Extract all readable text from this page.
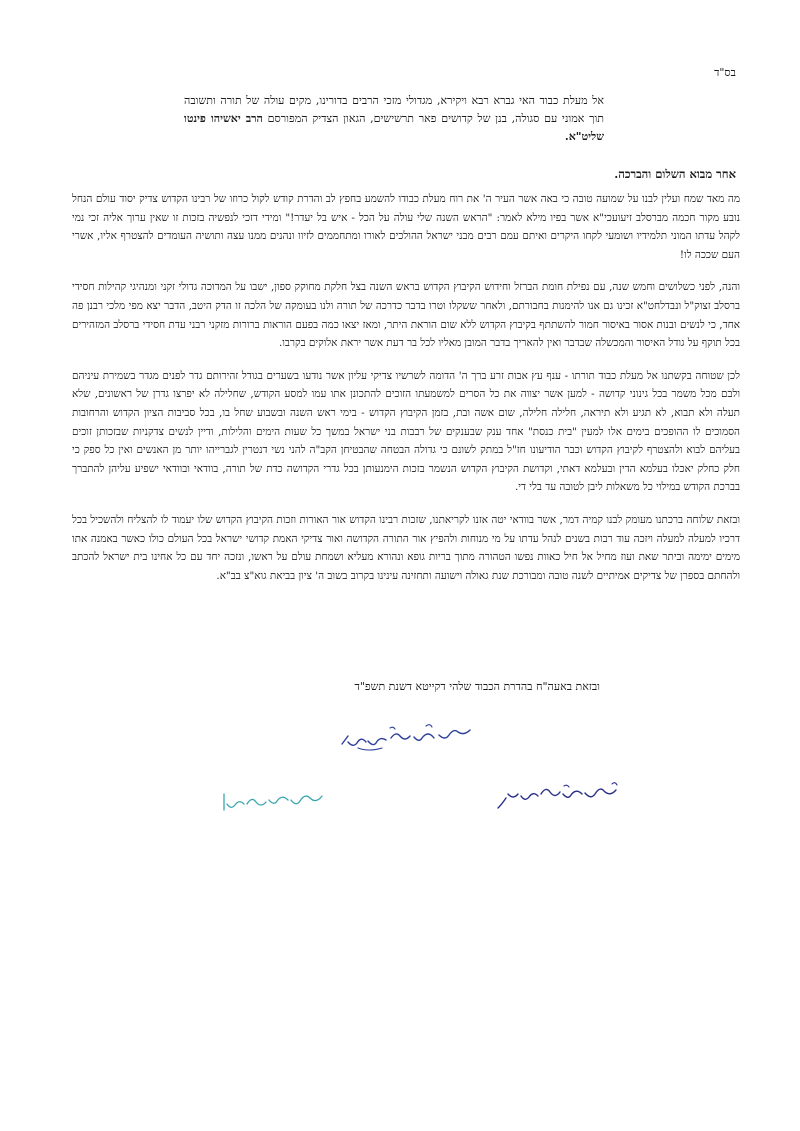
בס"ד
אל מעלת כבוד האי גברא רבא ויקירא, מגדולי מזכי הרבים בדורינו, מקים עולה של תורה ותשובה תוך אמוני עם סגולה, בנן של קדושים פאר תרשישים, הגאון הצדיק המפורסם הרב יאשיהו פינטו שליט"א.
אחר מבוא השלום והברכה.

מה מאד שמח ועלין לבנו על שמועה טובה כי באה אשר העיר ה' את רוח מעלת כבודו להשמע בחפץ לב והדרת קודש לקול כרוזו של רבינו הקדוש צדיק יסוד עולם הנחל נובע מקור חכמה מברסלב זיעועכי"א אשר בפיו מילא לאמר: "הראש השנה שלי עולה על הכל - איש בל יעדר!" ומידי דזכי לנפשיה בזכות זו שאין ערוך אליה זכי נמי לקהל עדתו המוני תלמידיו ושומעי לקחו היקרים ואיתם עמם רבים מבני ישראל ההולכים לאורו ומתחממים לזיוו ונהנים ממנו עצה ותושיה העומדים להצטרף אליו, אשרי העם שככה לו!

והנה, לפני כשלושים וחמש שנה, עם נפילת חומת הברזל וחידוש הקיבוץ הקדוש בראש השנה בצל חלקת מחוקק ספון, ישבו על המדוכה גדולי זקני ומנהיגי קהילות חסידי ברסלב זצוק"ל ונבדלחט"א זכינו גם אנו להימנות בחבורתם, ולאחר ששקלו וטרו בדבר כדרכה של תורה ולנו בעומקה של הלכה זו הדק היטב, הדבר יצא מפי מלכי רבנן פה אחד, כי לנשים ובנות אסור באיסור חמור להשתתף בקיבוץ הקדוש ללא שום הוראת היתר, ומאז יצאו כמה בפעם הוראות ברורות מזקני רבני עדת חסידי ברסלב המזהירים בכל תוקף על גודל האיסור והמכשלה שבדבר ואין להאריך בדבר המובן מאליו לכל בר דעת אשר יראת אלוקים בקרבו.

לכן שטוחה בקשתנו אל מעלת כבוד תורתו - ענף עץ אבות זרע ברך ה' הדומה לשרשיו צדיקי עליון אשר נודעו בשערים בגודל זהירותם גדר לפנים מגדר בשמירת עיניהם ולבם מכל משמר בכל גינוני קדושה - למען אשר יצווה את כל הסרים למשמעתו הזוכים להתכונן אתו עמו למסע הקודש, שחלילה לא יפרצו גדרן של ראשונים, שלא תעלה ולא תבוא, לא תגיע ולא תיראה, חלילה חלילה, שום אשה ובת, בזמן הקיבוץ הקדוש - בימי ראש השנה ובשבוע שחל בו, בכל סביבות הציון הקדוש והרחובות הסמוכים לו ההופכים בימים אלו למעין "בית כנסת" אחד ענק שבענקים של רבבות בני ישראל במשך כל שעות הימים והלילות, ודיין לנשים צדקניות שבזכותן זוכים בעליהם לבוא ולהצטרף לקיבוץ הקדוש וכבר הודיעונו חז"ל במתק לשונם כי גדולה הבטחה שהבטיחן הקב"ה להני נשי דנטרין לגברייהו יותר מן האנשים ואין כל ספק כי חלק כחלק יאכלו בעלמא הדין ובעלמא דאתי, וקדושת הקיבוץ הקדוש הנשמר בזכות הימנעותן בכל גדרי הקדושה כדת של תורה, בוודאי ובוודאי ישפיע עליהן להתברך בברכת הקודש במילוי כל משאלות ליבן לטובה עד בלי די.

ובזאת שלוחה ברכתנו מעומק לבנו קמיה דמר, אשר בוודאי יטה אזנו לקריאתנו, שזכות רבינו הקדוש אור האורות וזכות הקיבוץ הקדוש שלו יעמוד לו להצליח ולהשכיל בכל דרכיו למעלה למעלה ויזכה עוד רבות בשנים לנהל עדתו על מי מנוחות ולהפיץ אור התורה הקדושה ואור צדיקי האמת קדושי ישראל בכל העולם כולו כאשר באמנה אתו מימים ימימה וביתר שאת ועוז מחיל אל חיל כאוות נפשו הטהורה מתוך בריות גופא ונהורא מעליא ושמחת עולם על ראשו, ונזכה יחד עם כל אחינו בית ישראל להכתב ולהחתם בספרן של צדיקים אמיתיים לשנה טובה ומבורכת שנת גאולה וישועה ותחזינה עינינו בקרוב בשוב ה' ציון בביאת גוא"צ בב"א.

ובזאת באעה"ח בהדרת הכבוד שלהי דקייטא דשנת תשפ"ד
